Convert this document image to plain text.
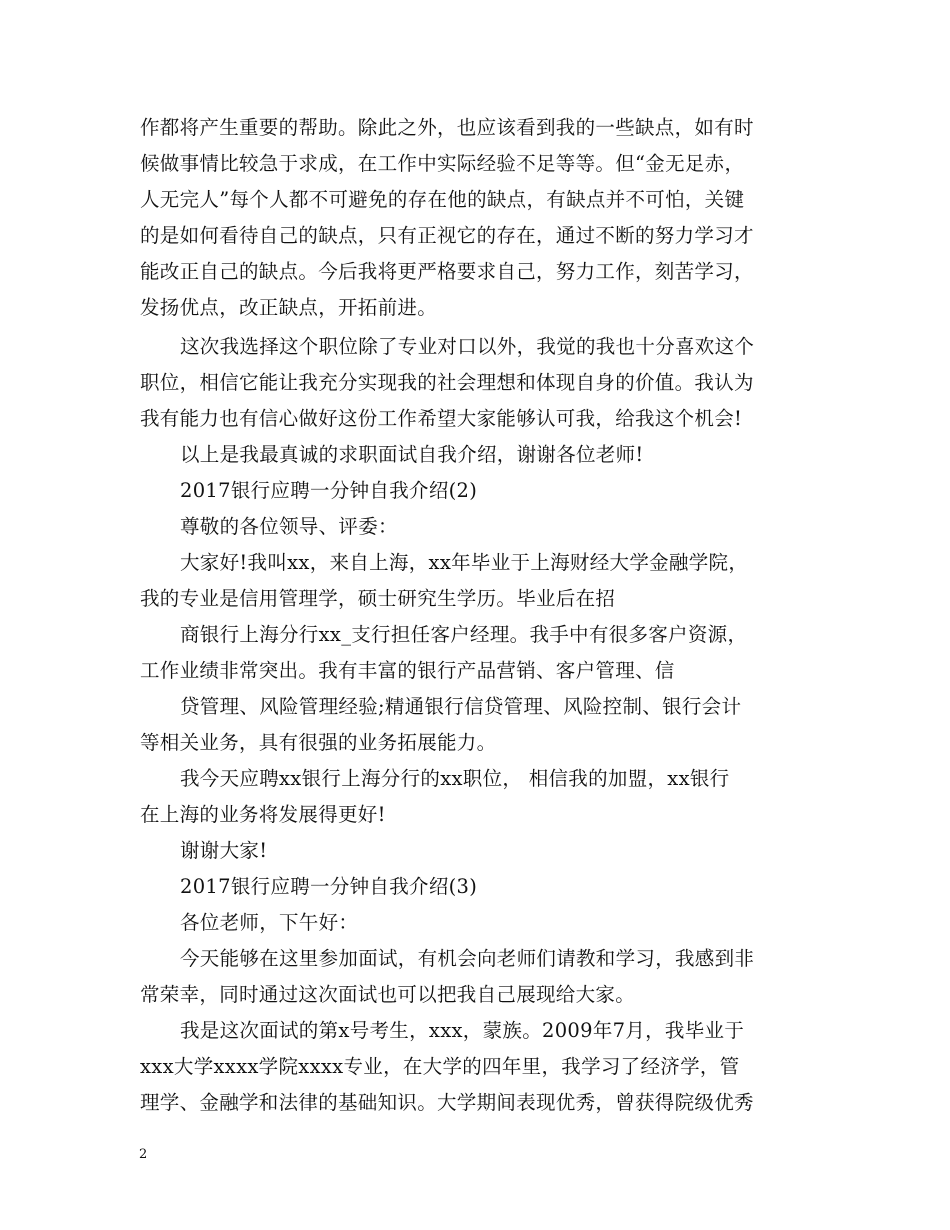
作都将产生重要的帮助。除此之外，也应该看到我的一些缺点，如有时
候做事情比较急于求成，在工作中实际经验不足等等。但“金无足赤，
人无完人”每个人都不可避免的存在他的缺点，有缺点并不可怕，关键
的是如何看待自己的缺点，只有正视它的存在，通过不断的努力学习才
能改正自己的缺点。今后我将更严格要求自己，努力工作，刻苦学习，
发扬优点，改正缺点，开拓前进。
这次我选择这个职位除了专业对口以外，我觉的我也十分喜欢这个
职位，相信它能让我充分实现我的社会理想和体现自身的价值。我认为
我有能力也有信心做好这份工作希望大家能够认可我，给我这个机会!
以上是我最真诚的求职面试自我介绍，谢谢各位老师!
2017银行应聘一分钟自我介绍(2)
尊敬的各位领导、评委：
大家好!我叫xx，来自上海，xx年毕业于上海财经大学金融学院，
我的专业是信用管理学，硕士研究生学历。毕业后在招
商银行上海分行xx_支行担任客户经理。我手中有很多客户资源，
工作业绩非常突出。我有丰富的银行产品营销、客户管理、信
贷管理、风险管理经验;精通银行信贷管理、风险控制、银行会计
等相关业务，具有很强的业务拓展能力。
我今天应聘xx银行上海分行的xx职位， 相信我的加盟，xx银行
在上海的业务将发展得更好!
谢谢大家!
2017银行应聘一分钟自我介绍(3)
各位老师，下午好：
今天能够在这里参加面试，有机会向老师们请教和学习，我感到非
常荣幸，同时通过这次面试也可以把我自己展现给大家。
我是这次面试的第x号考生，xxx，蒙族。2009年7月，我毕业于
xxx大学xxxx学院xxxx专业，在大学的四年里，我学习了经济学，管
理学、金融学和法律的基础知识。大学期间表现优秀，曾获得院级优秀
2
